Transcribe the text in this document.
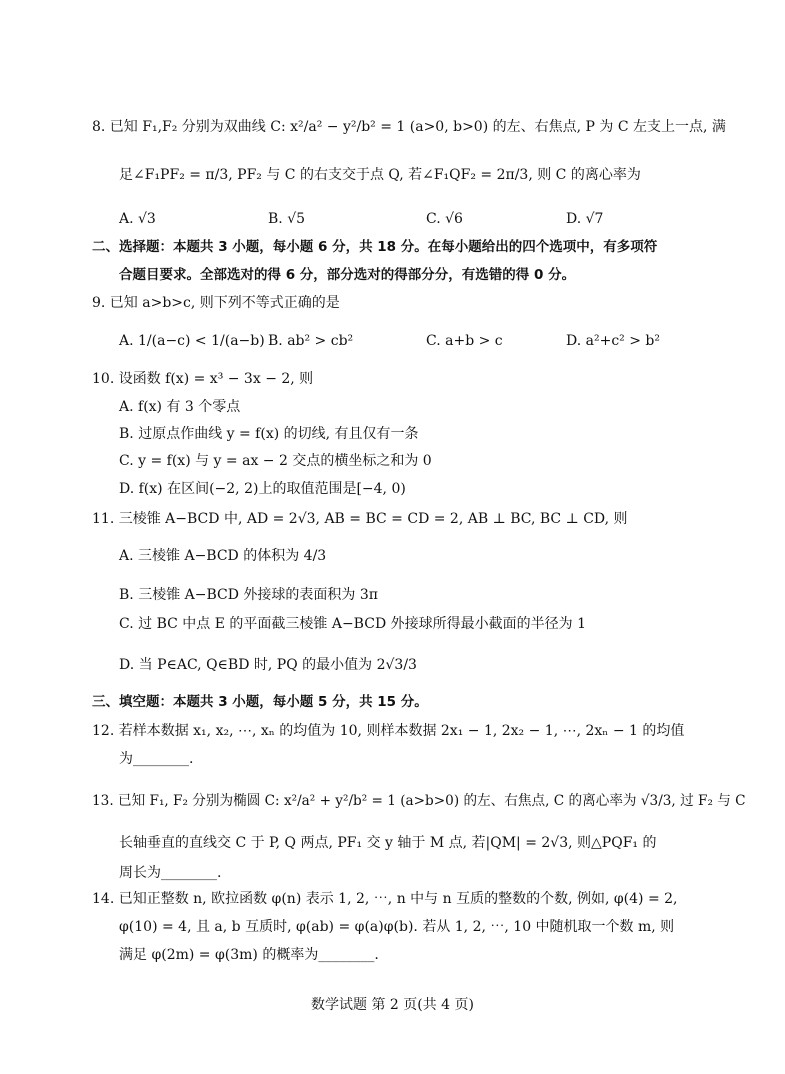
8. 已知 F₁,F₂ 分别为双曲线 C: x²/a² − y²/b² = 1 (a>0, b>0) 的左、右焦点, P 为 C 左支上一点, 满
足∠F₁PF₂ = π/3, PF₂ 与 C 的右支交于点 Q, 若∠F₁QF₂ = 2π/3, 则 C 的离心率为
A. √3	B. √5	C. √6	D. √7
二、选择题：本题共 3 小题，每小题 6 分，共 18 分。在每小题给出的四个选项中，有多项符
合题目要求。全部选对的得 6 分，部分选对的得部分分，有选错的得 0 分。
9. 已知 a>b>c, 则下列不等式正确的是
A. 1/(a−c) < 1/(a−b) B. ab² > cb²	C. a+b > c	D. a²+c² > b²
10. 设函数 f(x) = x³ − 3x − 2, 则
A. f(x) 有 3 个零点
B. 过原点作曲线 y = f(x) 的切线, 有且仅有一条
C. y = f(x) 与 y = ax − 2 交点的横坐标之和为 0
D. f(x) 在区间(−2, 2)上的取值范围是[−4, 0)
11. 三棱锥 A−BCD 中, AD = 2√3, AB = BC = CD = 2, AB ⊥ BC, BC ⊥ CD, 则
A. 三棱锥 A−BCD 的体积为 4/3
B. 三棱锥 A−BCD 外接球的表面积为 3π
C. 过 BC 中点 E 的平面截三棱锥 A−BCD 外接球所得最小截面的半径为 1
D. 当 P∈AC, Q∈BD 时, PQ 的最小值为 2√3/3
三、填空题：本题共 3 小题，每小题 5 分，共 15 分。
12. 若样本数据 x₁, x₂, ⋯, xₙ 的均值为 10, 则样本数据 2x₁ − 1, 2x₂ − 1, ⋯, 2xₙ − 1 的均值
为________.
13. 已知 F₁, F₂ 分别为椭圆 C: x²/a² + y²/b² = 1 (a>b>0) 的左、右焦点, C 的离心率为 √3/3, 过 F₂ 与 C
长轴垂直的直线交 C 于 P, Q 两点, PF₁ 交 y 轴于 M 点, 若|QM| = 2√3, 则△PQF₁ 的
周长为________.
14. 已知正整数 n, 欧拉函数 φ(n) 表示 1, 2, ⋯, n 中与 n 互质的整数的个数, 例如, φ(4) = 2,
φ(10) = 4, 且 a, b 互质时, φ(ab) = φ(a)φ(b). 若从 1, 2, ⋯, 10 中随机取一个数 m, 则
满足 φ(2m) = φ(3m) 的概率为________.
数学试题 第 2 页(共 4 页)
